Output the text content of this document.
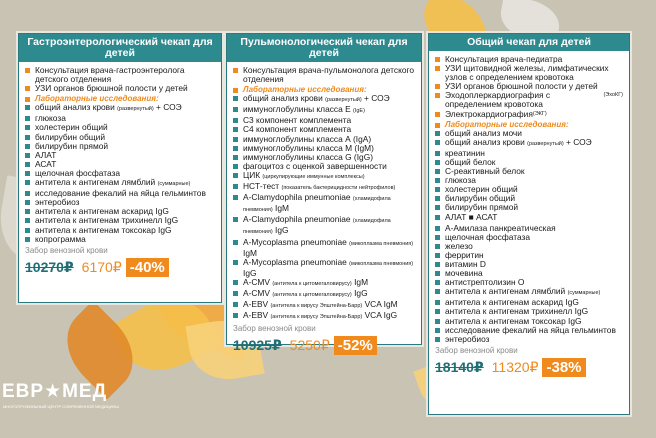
Гастроэнтерологический чекап для детей
Консультация врача-гастроэнтеролога детского отделения
УЗИ органов брюшной полости у детей
Лабораторные исследования:
общий анализ крови (развернутый) + СОЭ
глюкоза
холестерин общий
билирубин общий
билирубин прямой
АЛАТ
АСАТ
щелочная фосфатаза
антитела к антигенам лямблий (суммарные)
исследование фекалий на яйца гельминтов
энтеробиоз
антитела к антигенам аскарид IgG
антитела к антигенам трихинелл IgG
антитела к антигенам токсокар IgG
копрограмма
Забор венозной крови
10270₽ 6170₽ -40%
Пульмонологический чекап для детей
Консультация врача-пульмонолога детского отделения
Лабораторные исследования:
общий анализ крови (развернутый) + СОЭ
иммуноглобулины класса Е (IgE)
С3 компонент комплемента
С4 компонент комплемента
иммуноглобулины класса А (IgA)
иммуноглобулины класса М (IgM)
иммуноглобулины класса G (IgG)
фагоцитоз с оценкой завершенности
ЦИК (циркулирующие иммунные комплексы)
НСТ-тест (показатель бактерицидности нейтрофилов)
A-Clamydophila pneumoniae (хламидофила пневмония) IgM
A-Clamydophila pneumoniae (хламидофила пневмония) IgG
A-Mycoplasma pneumoniae (микоплазма пневмония) IgM
A-Mycoplasma pneumoniae (микоплазма пневмония) IgG
A-CMV (антитела к цитомегаловирусу) IgM
A-CMV (антитела к цитомегаловирусу) IgG
A-EBV (антитела к вирусу Эпштейна-Барр) VCA IgM
A-EBV (антитела к вирусу Эпштейна-Барр) VCA IgG
Забор венозной крови
10925₽ 5250₽ -52%
Общий чекап для детей
Консультация врача-педиатра
УЗИ щитовидной железы, лимфатических узлов с определением кровотока
УЗИ органов брюшной полости у детей
Эходоплеркардиография с определением кровотока
(ЭхоКГ)
Электрокардиография (ЭКГ)
Лабораторные исследования:
общий анализ мочи
общий анализ крови (развернутый) + СОЭ
креатинин
общий белок
С-реактивный белок
глюкоза
холестерин общий
билирубин общий
билирубин прямой
АЛАТ ■ АСАТ
А-Амилаза панкреатическая
щелочная фосфатаза
железо
ферритин
витамин D
мочевина
антистрептолизин О
антитела к антигенам лямблий (суммарные)
антитела к антигенам аскарид IgG
антитела к антигенам трихинелл IgG
антитела к антигенам токсокар IgG
исследование фекалий на яйца гельминтов
энтеробиоз
Забор венозной крови
18140₽ 11320₽ -38%
ЕВР★МЕД
МНОГОПРОФИЛЬНЫЙ ЦЕНТР СОВРЕМЕННОЙ МЕДИЦИНЫ
